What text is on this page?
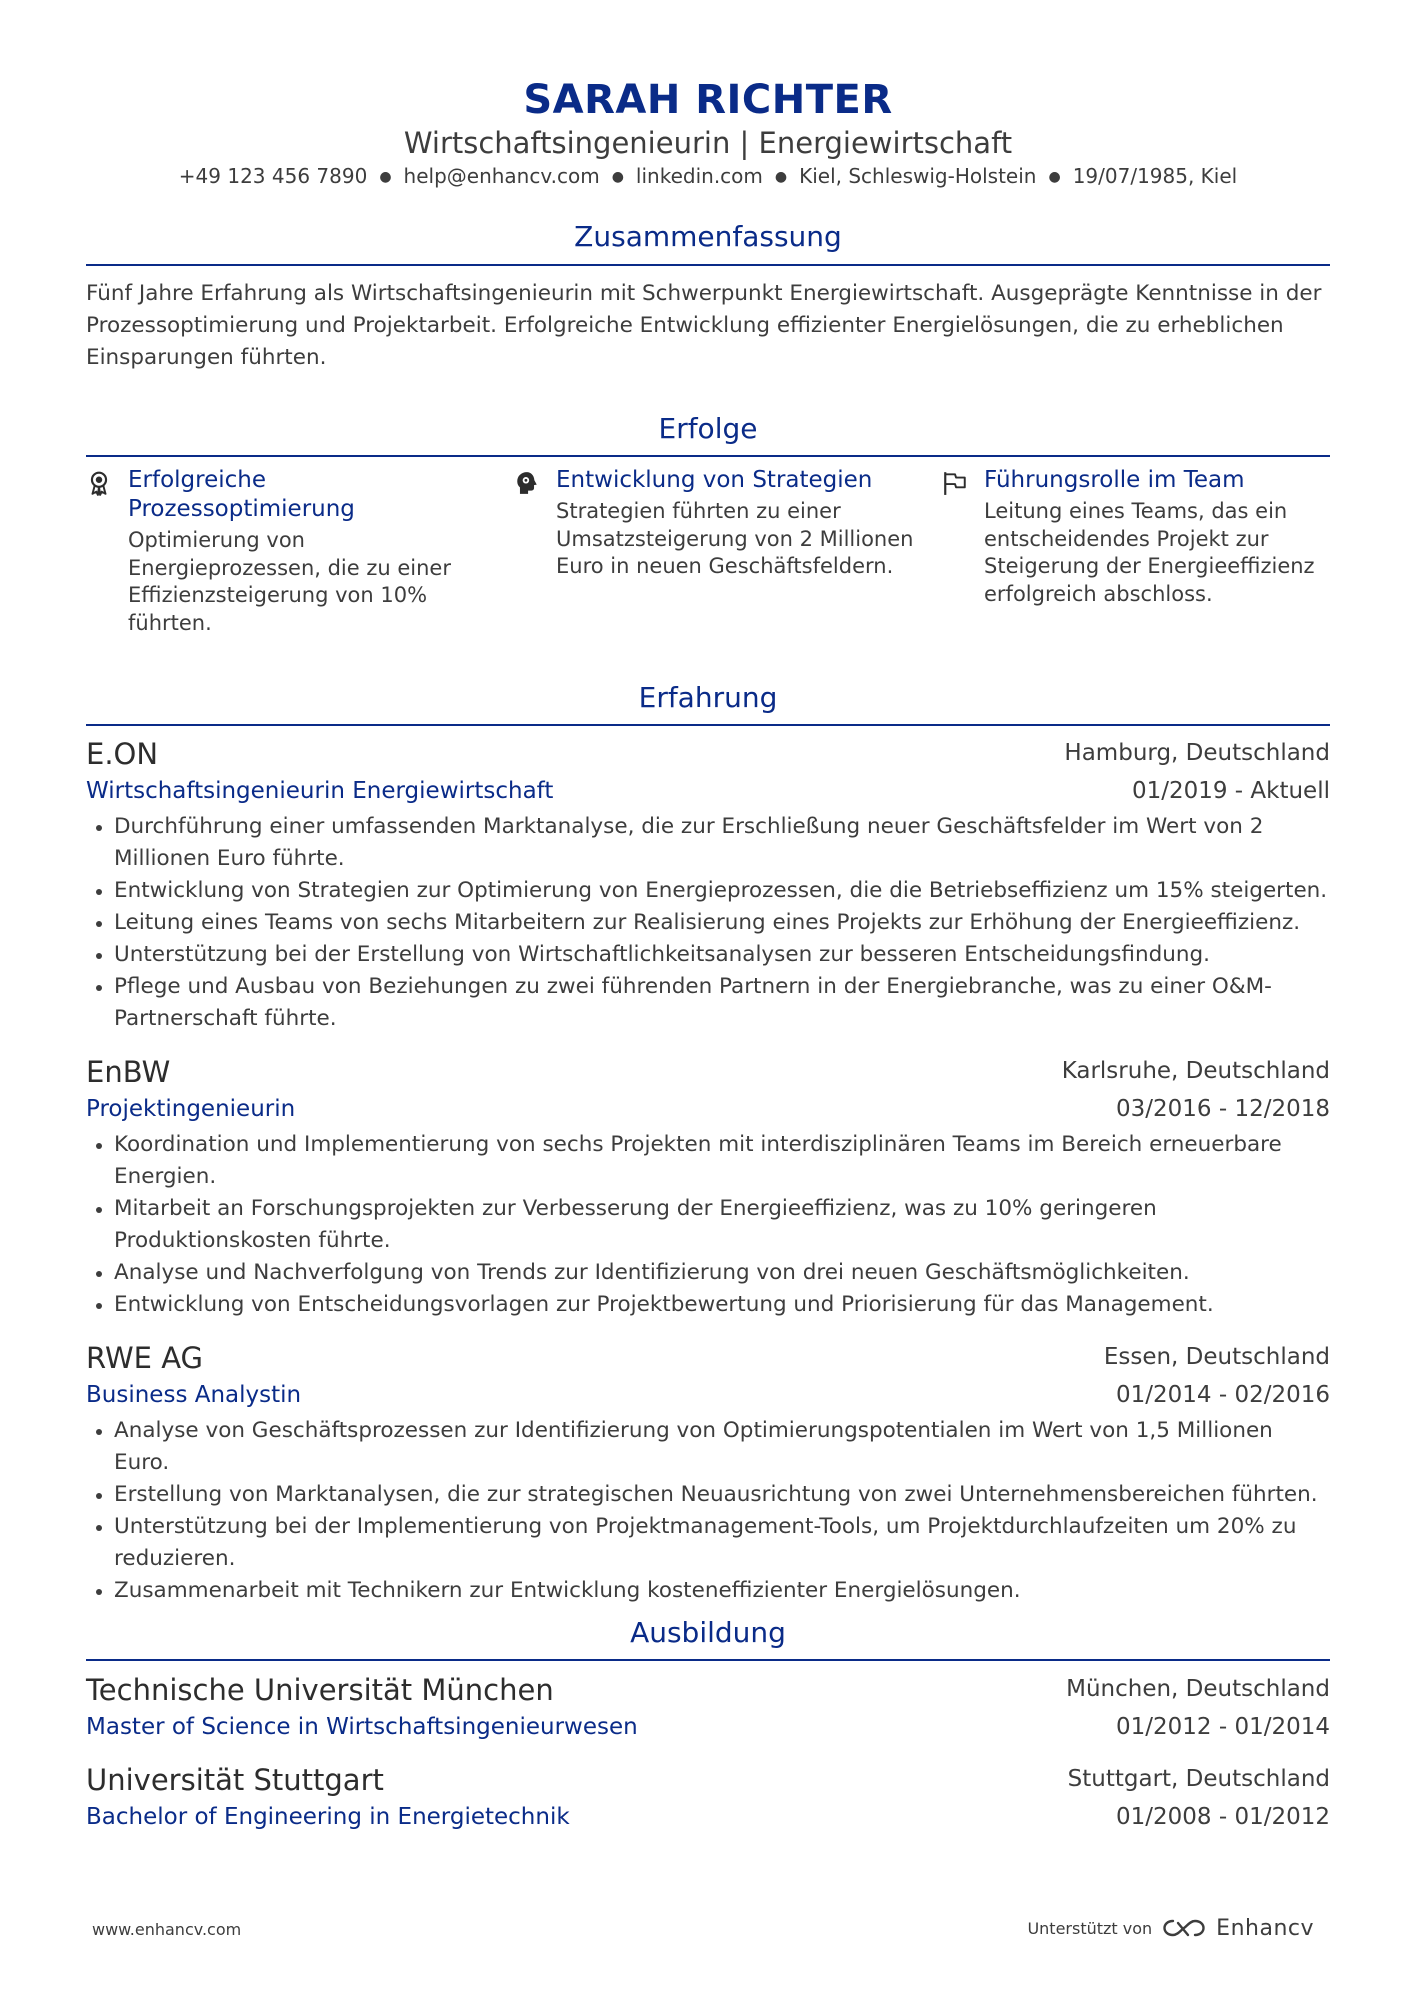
SARAH RICHTER
Wirtschaftsingenieurin | Energiewirtschaft
+49 123 456 7890 ● help@enhancv.com ● linkedin.com ● Kiel, Schleswig-Holstein ● 19/07/1985, Kiel
Zusammenfassung
Fünf Jahre Erfahrung als Wirtschaftsingenieurin mit Schwerpunkt Energiewirtschaft. Ausgeprägte Kenntnisse in der Prozessoptimierung und Projektarbeit. Erfolgreiche Entwicklung effizienter Energielösungen, die zu erheblichen Einsparungen führten.
Erfolge
Erfolgreiche Prozessoptimierung
Optimierung von Energieprozessen, die zu einer Effizienzsteigerung von 10% führten.
Entwicklung von Strategien
Strategien führten zu einer Umsatzsteigerung von 2 Millionen Euro in neuen Geschäftsfeldern.
Führungsrolle im Team
Leitung eines Teams, das ein entscheidendes Projekt zur Steigerung der Energieeffizienz erfolgreich abschloss.
Erfahrung
E.ON	Hamburg, Deutschland
Wirtschaftsingenieurin Energiewirtschaft	01/2019 - Aktuell
Durchführung einer umfassenden Marktanalyse, die zur Erschließung neuer Geschäftsfelder im Wert von 2 Millionen Euro führte.
Entwicklung von Strategien zur Optimierung von Energieprozessen, die die Betriebseffizienz um 15% steigerten.
Leitung eines Teams von sechs Mitarbeitern zur Realisierung eines Projekts zur Erhöhung der Energieeffizienz.
Unterstützung bei der Erstellung von Wirtschaftlichkeitsanalysen zur besseren Entscheidungsfindung.
Pflege und Ausbau von Beziehungen zu zwei führenden Partnern in der Energiebranche, was zu einer O&M-Partnerschaft führte.
EnBW	Karlsruhe, Deutschland
Projektingenieurin	03/2016 - 12/2018
Koordination und Implementierung von sechs Projekten mit interdisziplinären Teams im Bereich erneuerbare Energien.
Mitarbeit an Forschungsprojekten zur Verbesserung der Energieeffizienz, was zu 10% geringeren Produktionskosten führte.
Analyse und Nachverfolgung von Trends zur Identifizierung von drei neuen Geschäftsmöglichkeiten.
Entwicklung von Entscheidungsvorlagen zur Projektbewertung und Priorisierung für das Management.
RWE AG	Essen, Deutschland
Business Analystin	01/2014 - 02/2016
Analyse von Geschäftsprozessen zur Identifizierung von Optimierungspotentialen im Wert von 1,5 Millionen Euro.
Erstellung von Marktanalysen, die zur strategischen Neuausrichtung von zwei Unternehmensbereichen führten.
Unterstützung bei der Implementierung von Projektmanagement-Tools, um Projektdurchlaufzeiten um 20% zu reduzieren.
Zusammenarbeit mit Technikern zur Entwicklung kosteneffizienter Energielösungen.
Ausbildung
Technische Universität München	München, Deutschland
Master of Science in Wirtschaftsingenieurwesen	01/2012 - 01/2014
Universität Stuttgart	Stuttgart, Deutschland
Bachelor of Engineering in Energietechnik	01/2008 - 01/2012
www.enhancv.com	Unterstützt von	Enhancv
